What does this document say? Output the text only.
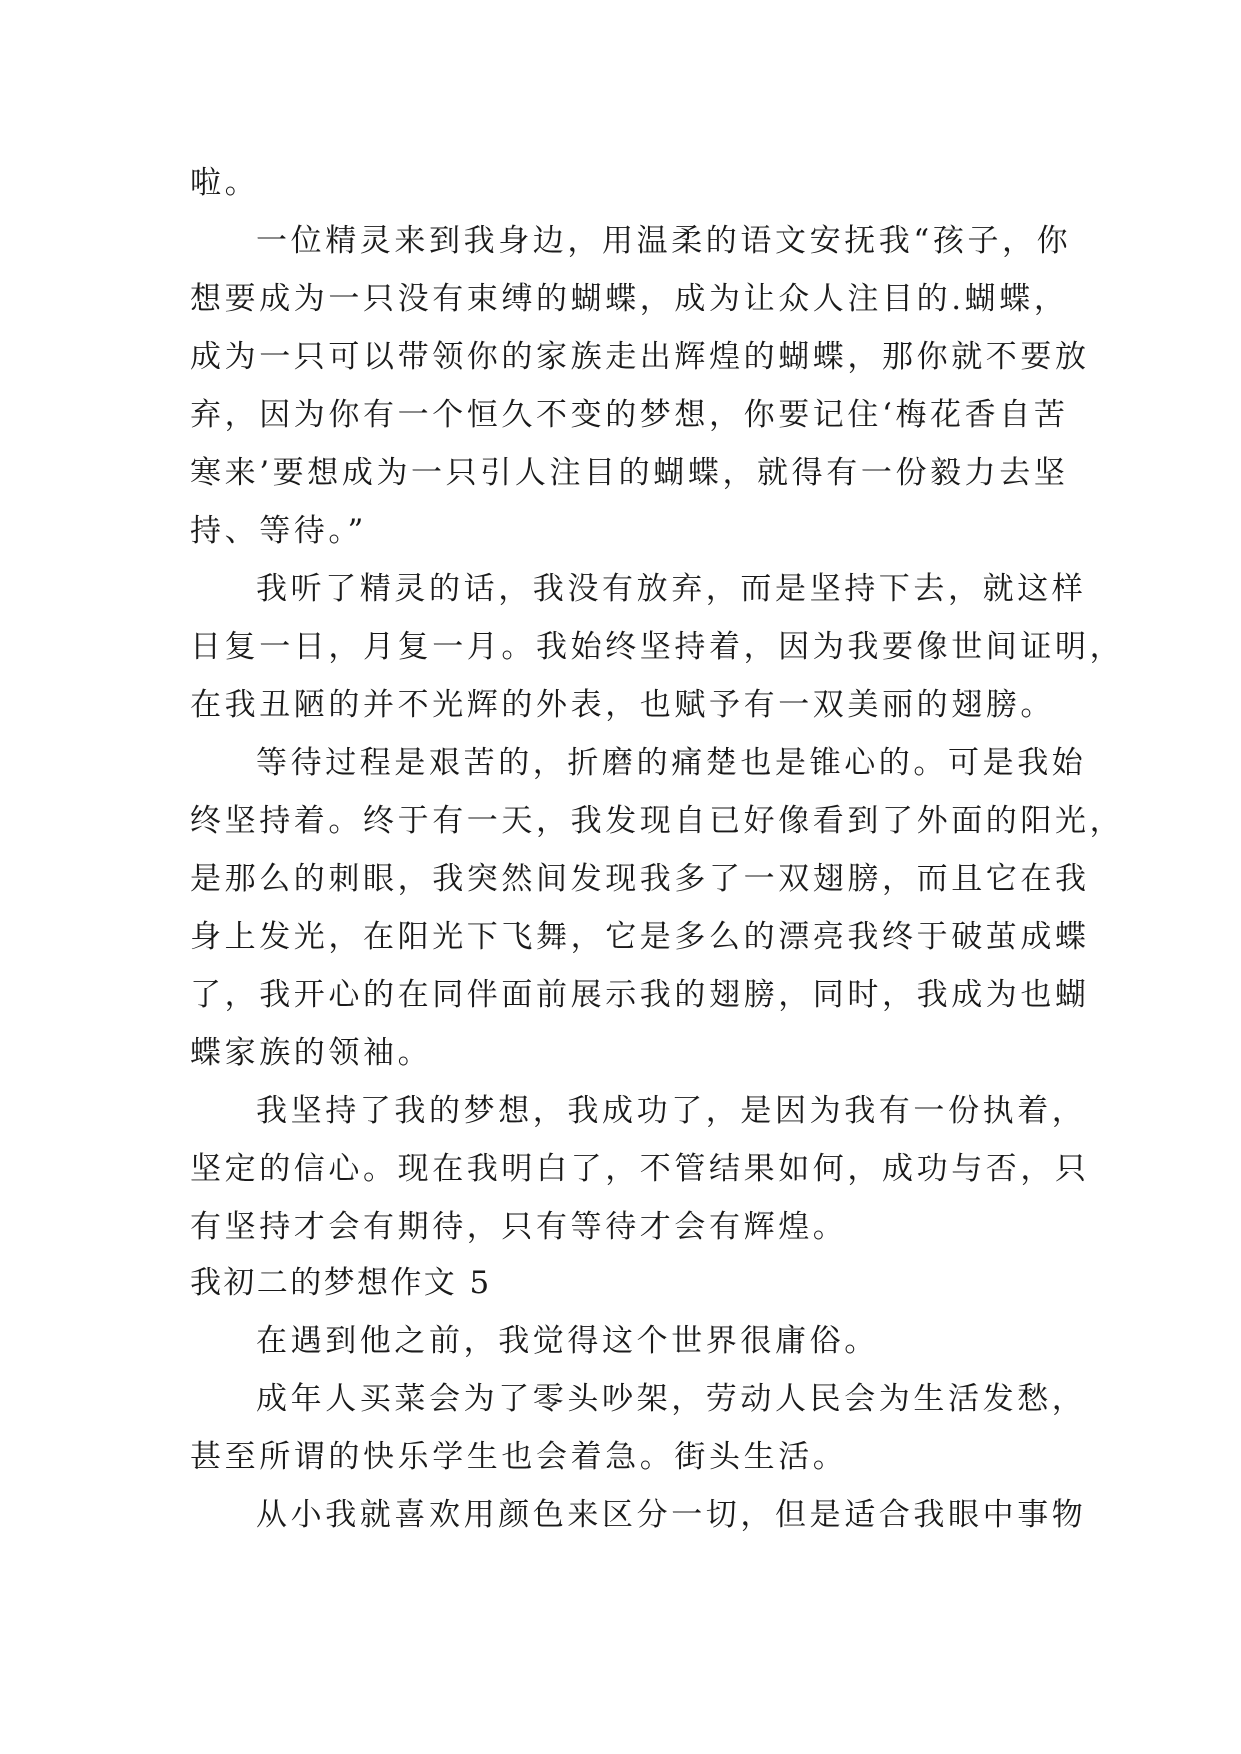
啦。

一位精灵来到我身边，用温柔的语文安抚我“孩子，你

想要成为一只没有束缚的蝴蝶，成为让众人注目的.蝴蝶，

成为一只可以带领你的家族走出辉煌的蝴蝶，那你就不要放

弃，因为你有一个恒久不变的梦想，你要记住‘梅花香自苦

寒来’要想成为一只引人注目的蝴蝶，就得有一份毅力去坚

持、等待。”

我听了精灵的话，我没有放弃，而是坚持下去，就这样

日复一日，月复一月。我始终坚持着，因为我要像世间证明，

在我丑陋的并不光辉的外表，也赋予有一双美丽的翅膀。

等待过程是艰苦的，折磨的痛楚也是锥心的。可是我始

终坚持着。终于有一天，我发现自已好像看到了外面的阳光，

是那么的刺眼，我突然间发现我多了一双翅膀，而且它在我

身上发光，在阳光下飞舞，它是多么的漂亮我终于破茧成蝶

了，我开心的在同伴面前展示我的翅膀，同时，我成为也蝴

蝶家族的领袖。

我坚持了我的梦想，我成功了，是因为我有一份执着，

坚定的信心。现在我明白了，不管结果如何，成功与否，只

有坚持才会有期待，只有等待才会有辉煌。

我初二的梦想作文 5

在遇到他之前，我觉得这个世界很庸俗。

成年人买菜会为了零头吵架，劳动人民会为生活发愁，

甚至所谓的快乐学生也会着急。街头生活。

从小我就喜欢用颜色来区分一切，但是适合我眼中事物
